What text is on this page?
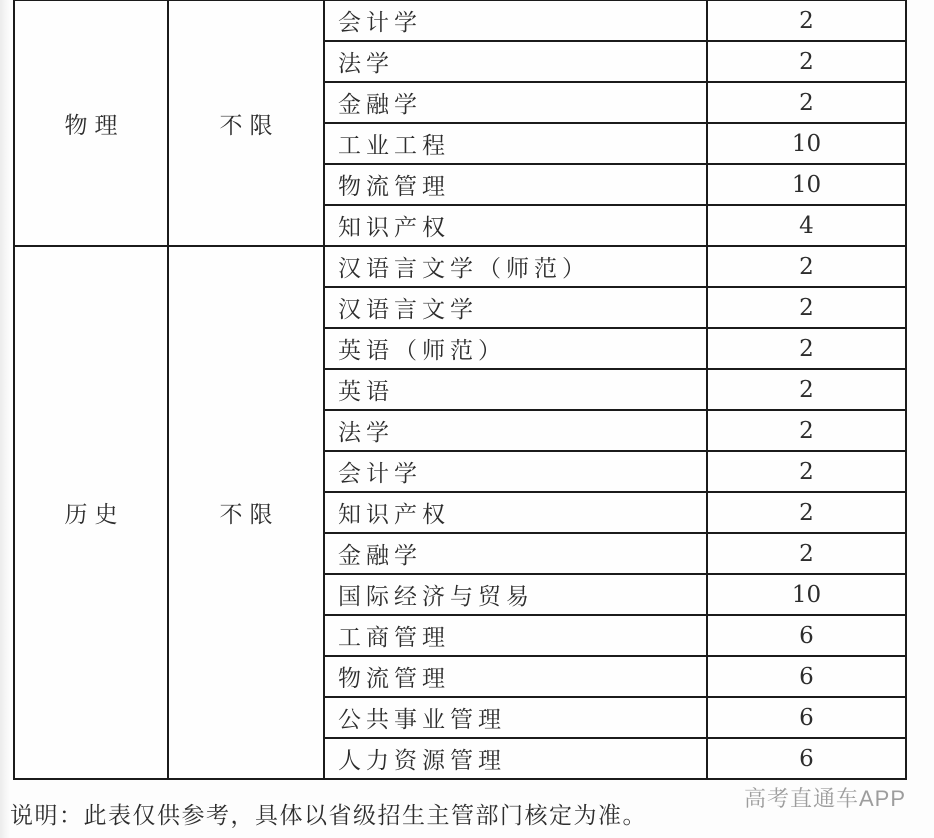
物理	不限	会计学	2
		法学	2
		金融学	2
		工业工程	10
		物流管理	10
		知识产权	4
历史	不限	汉语言文学（师范）	2
		汉语言文学	2
		英语（师范）	2
		英语	2
		法学	2
		会计学	2
		知识产权	2
		金融学	2
		国际经济与贸易	10
		工商管理	6
		物流管理	6
		公共事业管理	6
		人力资源管理	6
说明：此表仅供参考，具体以省级招生主管部门核定为准。
高考直通车APP
